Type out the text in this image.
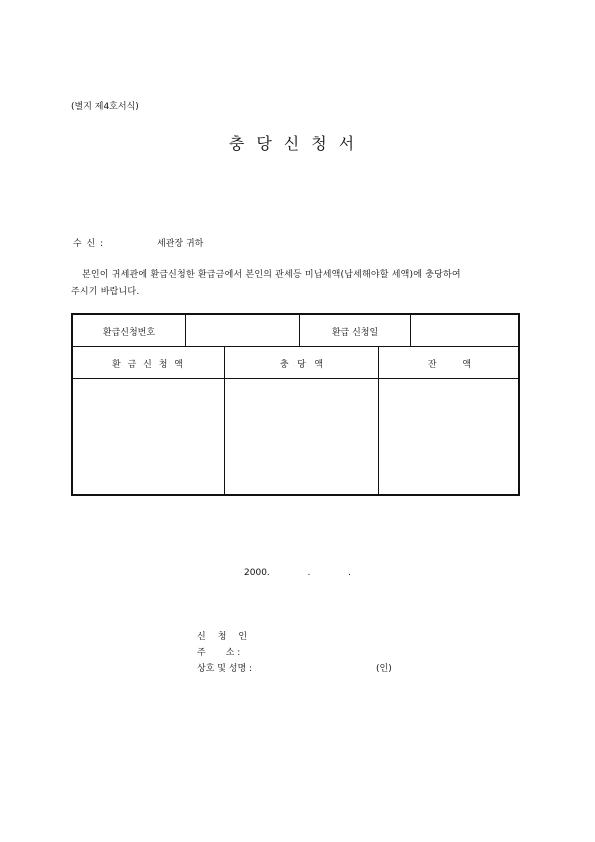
(별지 제4호서식)
충당신청서
수 신 :	세관장 귀하
본인이 귀세관에 환급신청한 환급금에서 본인의 관세등 미납세액(납세해야할 세액)에 충당하여
주시기 바랍니다.
환급신청번호	환급 신청일
환 금 신 청 액	충   당   액	잔         액
2000.  .  .
신청인
주       소 :
상호 및 성명 :	(인)
